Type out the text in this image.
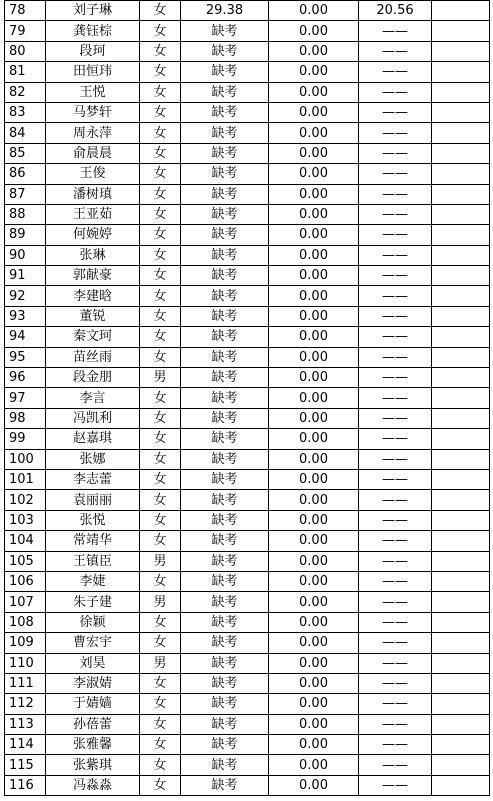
78	刘子琳	女	29.38	0.00	20.56	
79	龚钰棕	女	缺考	0.00	——	
80	段珂	女	缺考	0.00	——	
81	田恒玮	女	缺考	0.00	——	
82	王悦	女	缺考	0.00	——	
83	马梦轩	女	缺考	0.00	——	
84	周永萍	女	缺考	0.00	——	
85	俞晨晨	女	缺考	0.00	——	
86	王俊	女	缺考	0.00	——	
87	潘树瑱	女	缺考	0.00	——	
88	王亚茹	女	缺考	0.00	——	
89	何婉婷	女	缺考	0.00	——	
90	张琳	女	缺考	0.00	——	
91	郭献豪	女	缺考	0.00	——	
92	李建晗	女	缺考	0.00	——	
93	董锐	女	缺考	0.00	——	
94	秦文珂	女	缺考	0.00	——	
95	苗丝雨	女	缺考	0.00	——	
96	段金朋	男	缺考	0.00	——	
97	李言	女	缺考	0.00	——	
98	冯凯利	女	缺考	0.00	——	
99	赵嘉琪	女	缺考	0.00	——	
100	张娜	女	缺考	0.00	——	
101	李志蕾	女	缺考	0.00	——	
102	袁丽丽	女	缺考	0.00	——	
103	张悦	女	缺考	0.00	——	
104	常靖华	女	缺考	0.00	——	
105	王镇臣	男	缺考	0.00	——	
106	李婕	女	缺考	0.00	——	
107	朱子建	男	缺考	0.00	——	
108	徐颖	女	缺考	0.00	——	
109	曹宏宇	女	缺考	0.00	——	
110	刘昊	男	缺考	0.00	——	
111	李淑婧	女	缺考	0.00	——	
112	于婧嫱	女	缺考	0.00	——	
113	孙蓓蕾	女	缺考	0.00	——	
114	张雅馨	女	缺考	0.00	——	
115	张紫琪	女	缺考	0.00	——	
116	冯淼淼	女	缺考	0.00	——	
